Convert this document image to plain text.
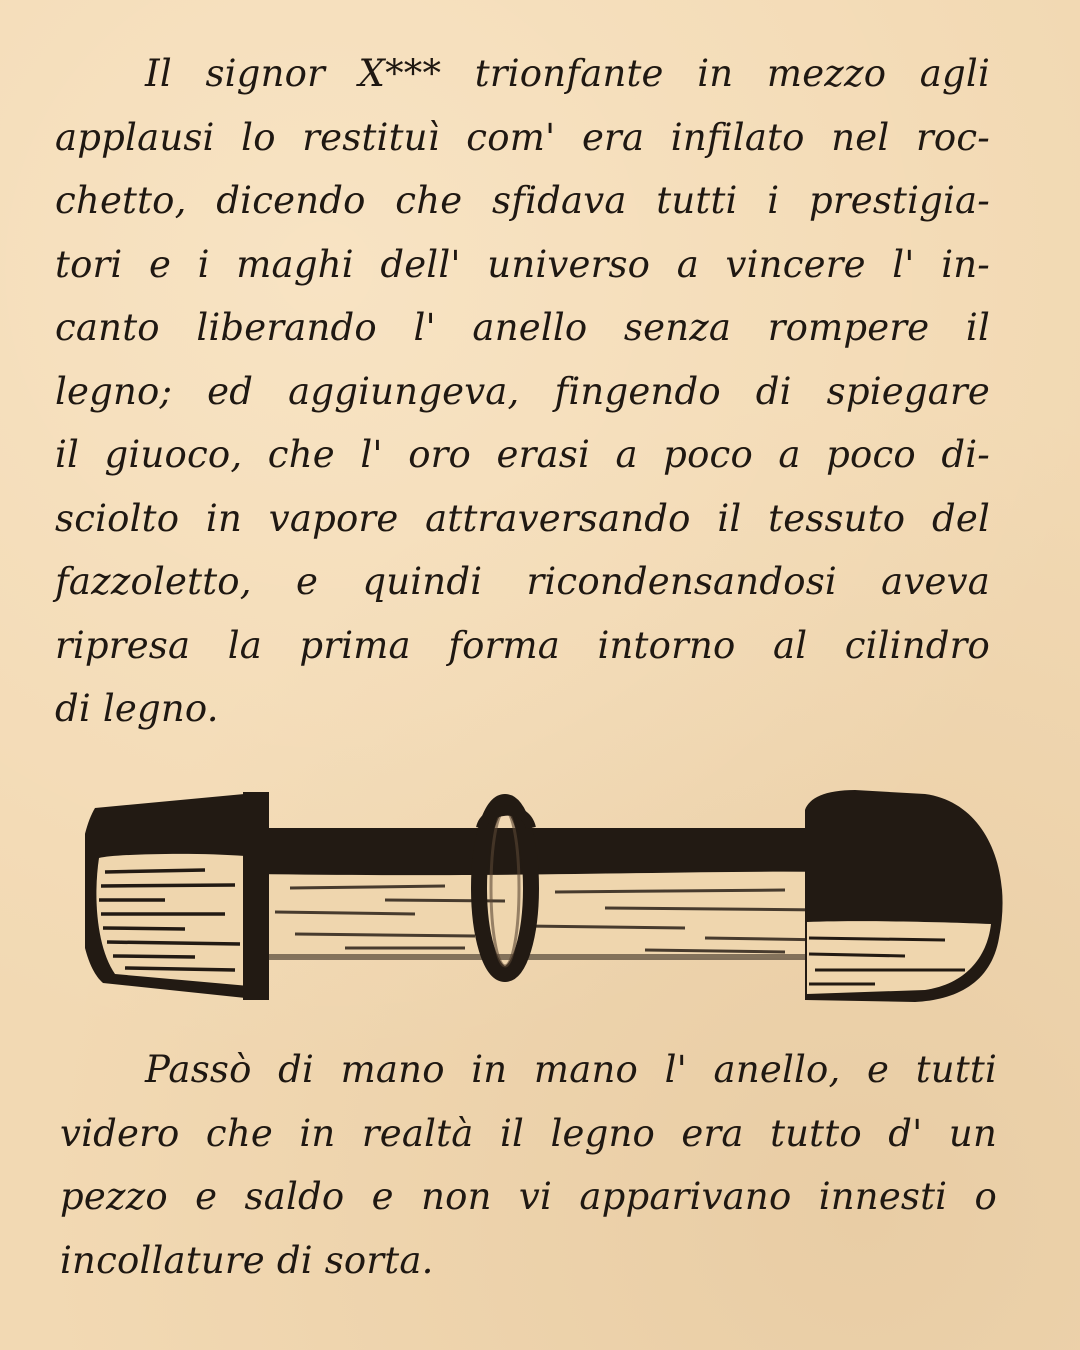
Il signor X*** trionfante in mezzo agli
applausi lo restituì com' era infilato nel roc-
chetto, dicendo che sfidava tutti i prestigia-
tori e i maghi dell' universo a vincere l' in-
canto liberando l' anello senza rompere il
legno; ed aggiungeva, fingendo di spiegare
il giuoco, che l' oro erasi a poco a poco di-
sciolto in vapore attraversando il tessuto del
fazzoletto, e quindi ricondensandosi aveva
ripresa la prima forma intorno al cilindro
di legno.
Passò di mano in mano l' anello, e tutti
videro che in realtà il legno era tutto d' un
pezzo e saldo e non vi apparivano innesti o
incollature di sorta.
